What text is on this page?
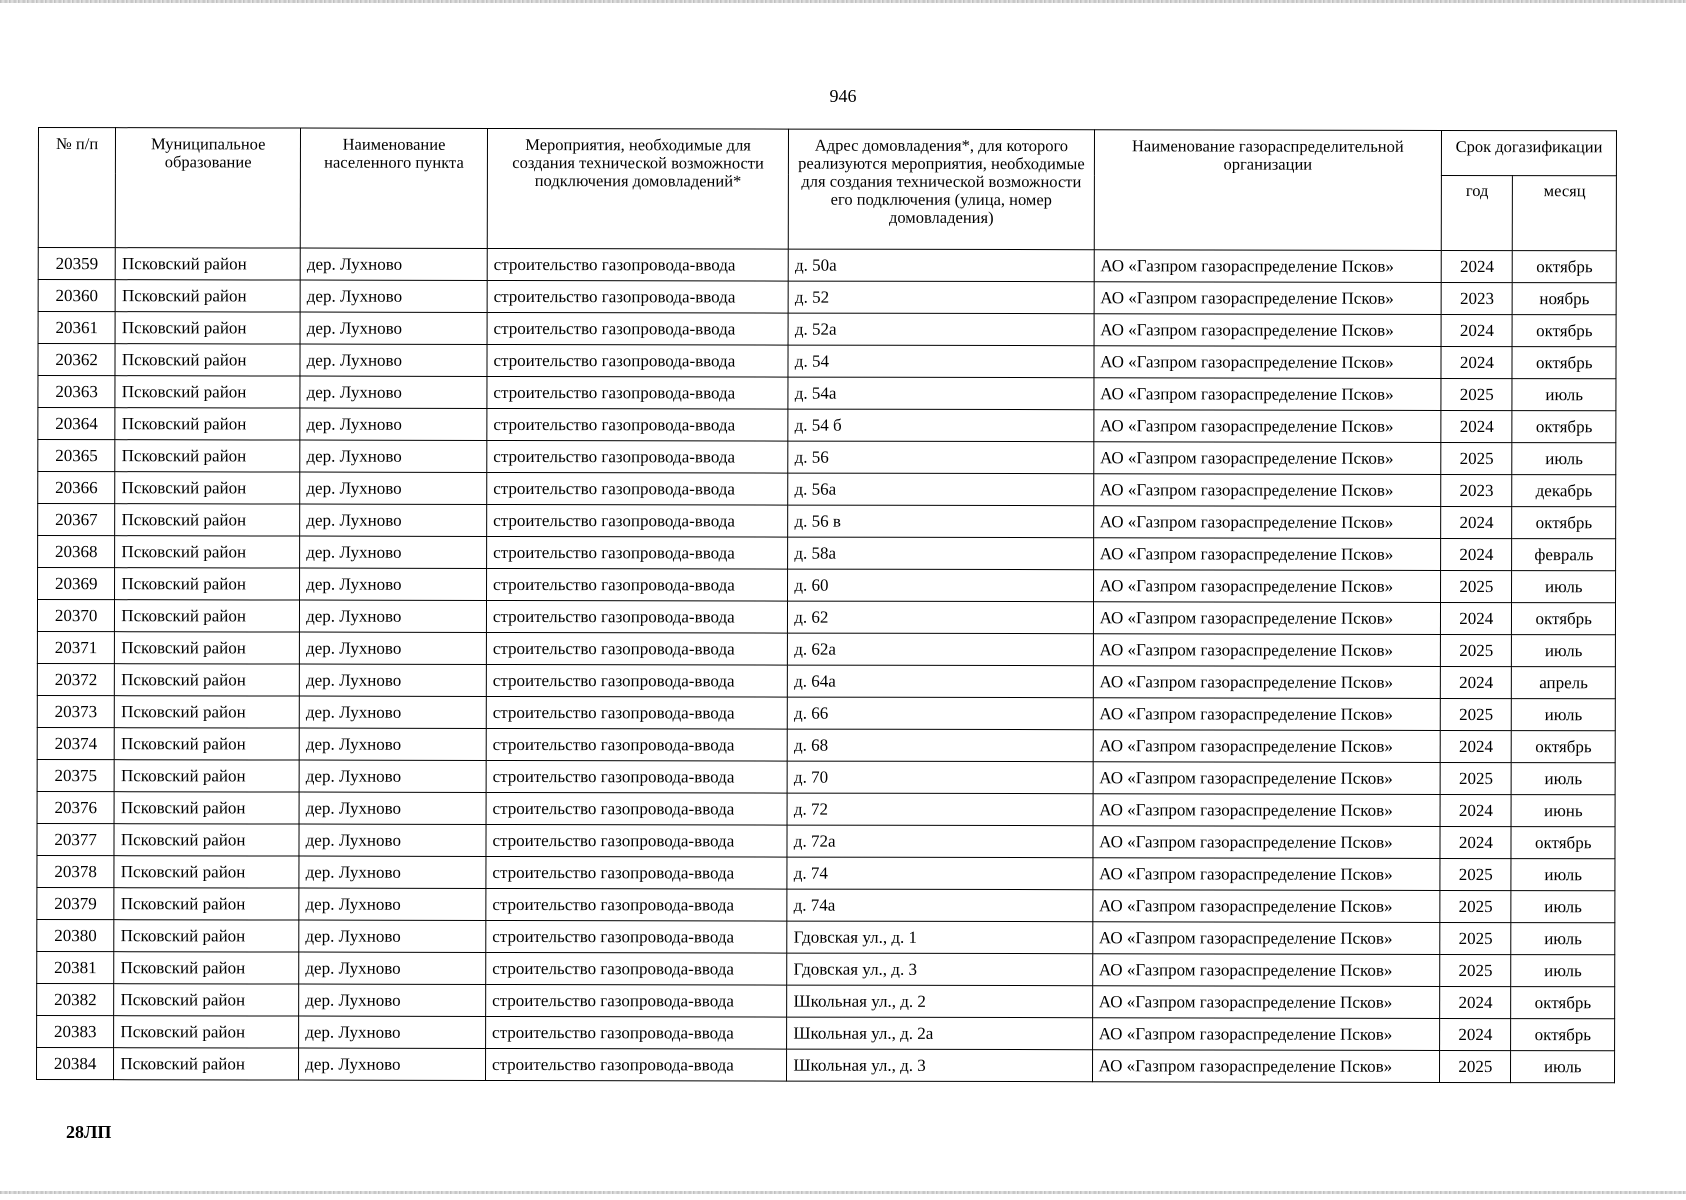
946
№ п/п	Муниципальное образование	Наименование населенного пункта	Мероприятия, необходимые для создания технической возможности подключения домовладений*	Адрес домовладения*, для которого реализуются мероприятия, необходимые для создания технической возможности его подключения (улица, номер домовладения)	Наименование газораспределительной организации	Срок догазификации	
						год	месяц
20359	Псковский район	дер. Лухново	строительство газопровода-ввода	д. 50а	АО «Газпром газораспределение Псков»	2024	октябрь
20360	Псковский район	дер. Лухново	строительство газопровода-ввода	д. 52	АО «Газпром газораспределение Псков»	2023	ноябрь
20361	Псковский район	дер. Лухново	строительство газопровода-ввода	д. 52а	АО «Газпром газораспределение Псков»	2024	октябрь
20362	Псковский район	дер. Лухново	строительство газопровода-ввода	д. 54	АО «Газпром газораспределение Псков»	2024	октябрь
20363	Псковский район	дер. Лухново	строительство газопровода-ввода	д. 54а	АО «Газпром газораспределение Псков»	2025	июль
20364	Псковский район	дер. Лухново	строительство газопровода-ввода	д. 54 б	АО «Газпром газораспределение Псков»	2024	октябрь
20365	Псковский район	дер. Лухново	строительство газопровода-ввода	д. 56	АО «Газпром газораспределение Псков»	2025	июль
20366	Псковский район	дер. Лухново	строительство газопровода-ввода	д. 56а	АО «Газпром газораспределение Псков»	2023	декабрь
20367	Псковский район	дер. Лухново	строительство газопровода-ввода	д. 56 в	АО «Газпром газораспределение Псков»	2024	октябрь
20368	Псковский район	дер. Лухново	строительство газопровода-ввода	д. 58а	АО «Газпром газораспределение Псков»	2024	февраль
20369	Псковский район	дер. Лухново	строительство газопровода-ввода	д. 60	АО «Газпром газораспределение Псков»	2025	июль
20370	Псковский район	дер. Лухново	строительство газопровода-ввода	д. 62	АО «Газпром газораспределение Псков»	2024	октябрь
20371	Псковский район	дер. Лухново	строительство газопровода-ввода	д. 62а	АО «Газпром газораспределение Псков»	2025	июль
20372	Псковский район	дер. Лухново	строительство газопровода-ввода	д. 64а	АО «Газпром газораспределение Псков»	2024	апрель
20373	Псковский район	дер. Лухново	строительство газопровода-ввода	д. 66	АО «Газпром газораспределение Псков»	2025	июль
20374	Псковский район	дер. Лухново	строительство газопровода-ввода	д. 68	АО «Газпром газораспределение Псков»	2024	октябрь
20375	Псковский район	дер. Лухново	строительство газопровода-ввода	д. 70	АО «Газпром газораспределение Псков»	2025	июль
20376	Псковский район	дер. Лухново	строительство газопровода-ввода	д. 72	АО «Газпром газораспределение Псков»	2024	июнь
20377	Псковский район	дер. Лухново	строительство газопровода-ввода	д. 72а	АО «Газпром газораспределение Псков»	2024	октябрь
20378	Псковский район	дер. Лухново	строительство газопровода-ввода	д. 74	АО «Газпром газораспределение Псков»	2025	июль
20379	Псковский район	дер. Лухново	строительство газопровода-ввода	д. 74а	АО «Газпром газораспределение Псков»	2025	июль
20380	Псковский район	дер. Лухново	строительство газопровода-ввода	Гдовская ул., д. 1	АО «Газпром газораспределение Псков»	2025	июль
20381	Псковский район	дер. Лухново	строительство газопровода-ввода	Гдовская ул., д. 3	АО «Газпром газораспределение Псков»	2025	июль
20382	Псковский район	дер. Лухново	строительство газопровода-ввода	Школьная ул., д. 2	АО «Газпром газораспределение Псков»	2024	октябрь
20383	Псковский район	дер. Лухново	строительство газопровода-ввода	Школьная ул., д. 2а	АО «Газпром газораспределение Псков»	2024	октябрь
20384	Псковский район	дер. Лухново	строительство газопровода-ввода	Школьная ул., д. 3	АО «Газпром газораспределение Псков»	2025	июль
28ЛП
